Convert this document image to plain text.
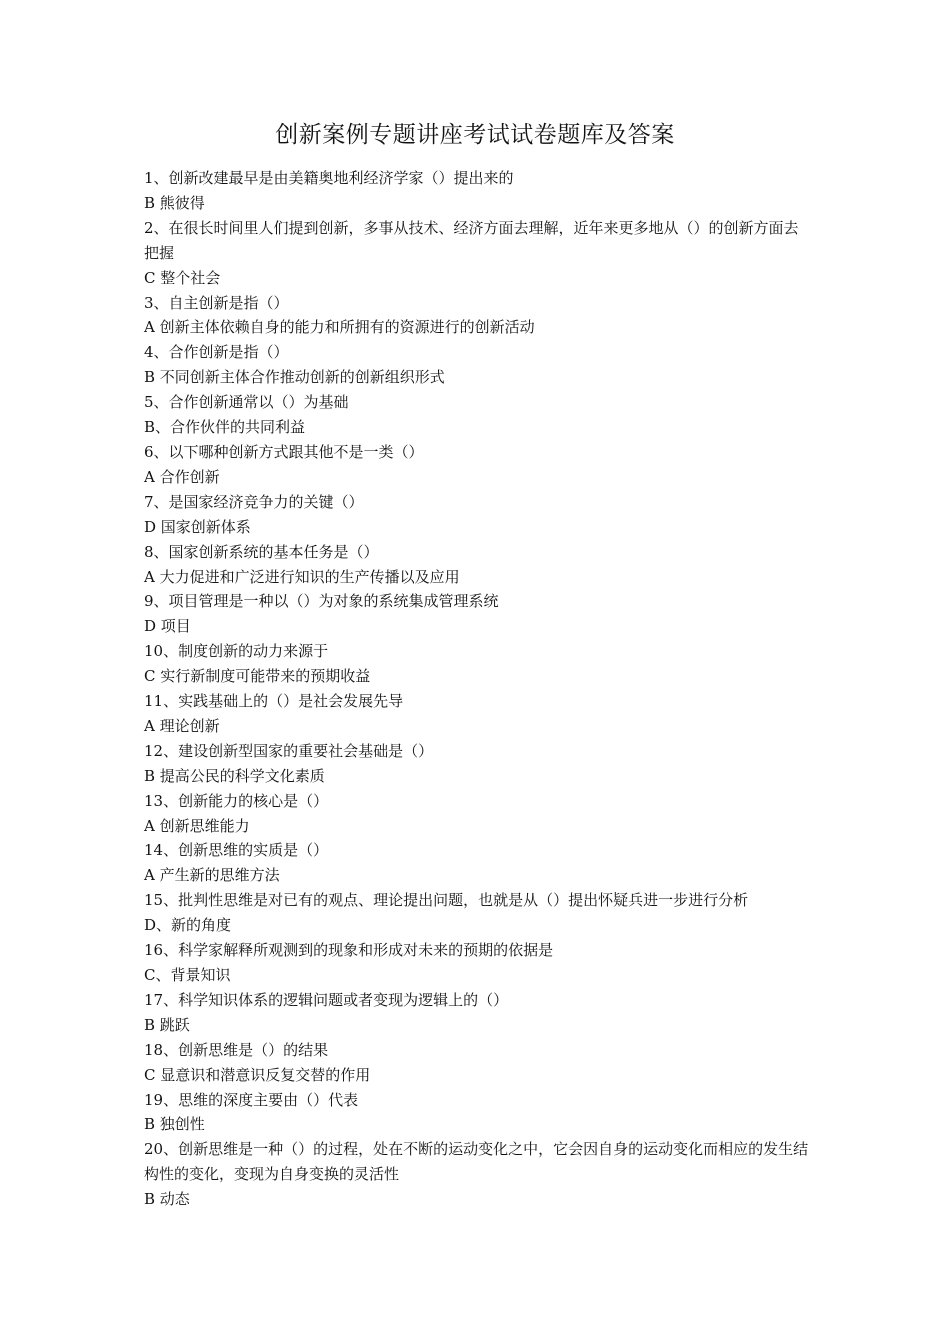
创新案例专题讲座考试试卷题库及答案
1、创新改建最早是由美籍奥地利经济学家（）提出来的
B 熊彼得
2、在很长时间里人们提到创新，多事从技术、经济方面去理解，近年来更多地从（）的创新方面去把握
C 整个社会
3、自主创新是指（）
A 创新主体依赖自身的能力和所拥有的资源进行的创新活动
4、合作创新是指（）
B 不同创新主体合作推动创新的创新组织形式
5、合作创新通常以（）为基础
B、合作伙伴的共同利益
6、以下哪种创新方式跟其他不是一类（）
A 合作创新
7、是国家经济竞争力的关键（）
D 国家创新体系
8、国家创新系统的基本任务是（）
A 大力促进和广泛进行知识的生产传播以及应用
9、项目管理是一种以（）为对象的系统集成管理系统
D 项目
10、制度创新的动力来源于
C 实行新制度可能带来的预期收益
11、实践基础上的（）是社会发展先导
A 理论创新
12、建设创新型国家的重要社会基础是（）
B 提高公民的科学文化素质
13、创新能力的核心是（）
A 创新思维能力
14、创新思维的实质是（）
A 产生新的思维方法
15、批判性思维是对已有的观点、理论提出问题，也就是从（）提出怀疑兵进一步进行分析
D、新的角度
16、科学家解释所观测到的现象和形成对未来的预期的依据是
C、背景知识
17、科学知识体系的逻辑问题或者变现为逻辑上的（）
B 跳跃
18、创新思维是（）的结果
C 显意识和潜意识反复交替的作用
19、思维的深度主要由（）代表
B 独创性
20、创新思维是一种（）的过程，处在不断的运动变化之中，它会因自身的运动变化而相应的发生结构性的变化，变现为自身变换的灵活性
B 动态
